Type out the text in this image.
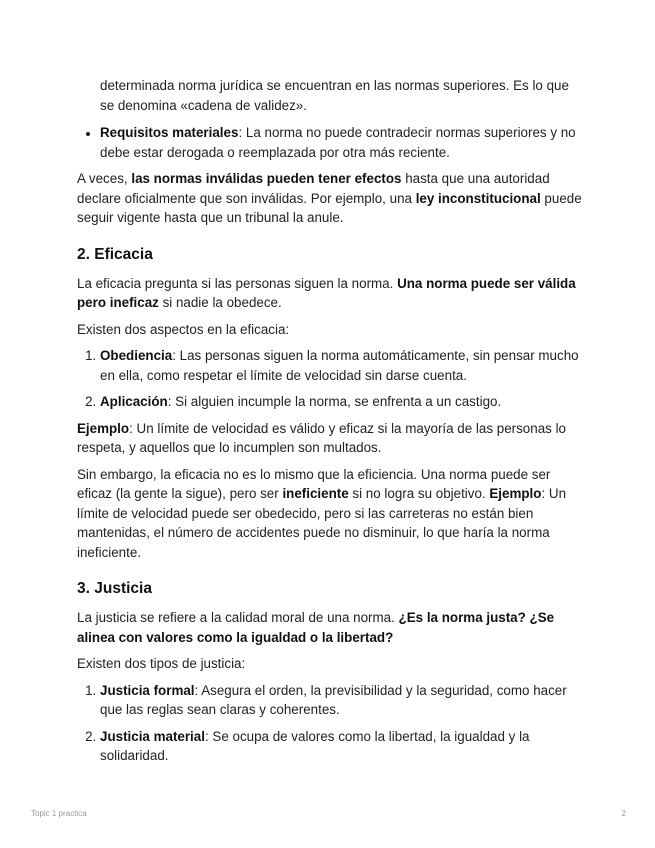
determinada norma jurídica se encuentran en las normas superiores. Es lo que se denomina «cadena de validez».

• Requisitos materiales: La norma no puede contradecir normas superiores y no debe estar derogada o reemplazada por otra más reciente.

A veces, las normas inválidas pueden tener efectos hasta que una autoridad declare oficialmente que son inválidas. Por ejemplo, una ley inconstitucional puede seguir vigente hasta que un tribunal la anule.

2. Eficacia

La eficacia pregunta si las personas siguen la norma. Una norma puede ser válida pero ineficaz si nadie la obedece.

Existen dos aspectos en la eficacia:

1. Obediencia: Las personas siguen la norma automáticamente, sin pensar mucho en ella, como respetar el límite de velocidad sin darse cuenta.
2. Aplicación: Si alguien incumple la norma, se enfrenta a un castigo.

Ejemplo: Un límite de velocidad es válido y eficaz si la mayoría de las personas lo respeta, y aquellos que lo incumplen son multados.

Sin embargo, la eficacia no es lo mismo que la eficiencia. Una norma puede ser eficaz (la gente la sigue), pero ser ineficiente si no logra su objetivo. Ejemplo: Un límite de velocidad puede ser obedecido, pero si las carreteras no están bien mantenidas, el número de accidentes puede no disminuir, lo que haría la norma ineficiente.

3. Justicia

La justicia se refiere a la calidad moral de una norma. ¿Es la norma justa? ¿Se alinea con valores como la igualdad o la libertad?

Existen dos tipos de justicia:

1. Justicia formal: Asegura el orden, la previsibilidad y la seguridad, como hacer que las reglas sean claras y coherentes.
2. Justicia material: Se ocupa de valores como la libertad, la igualdad y la solidaridad.
Topic 1 practica	2
